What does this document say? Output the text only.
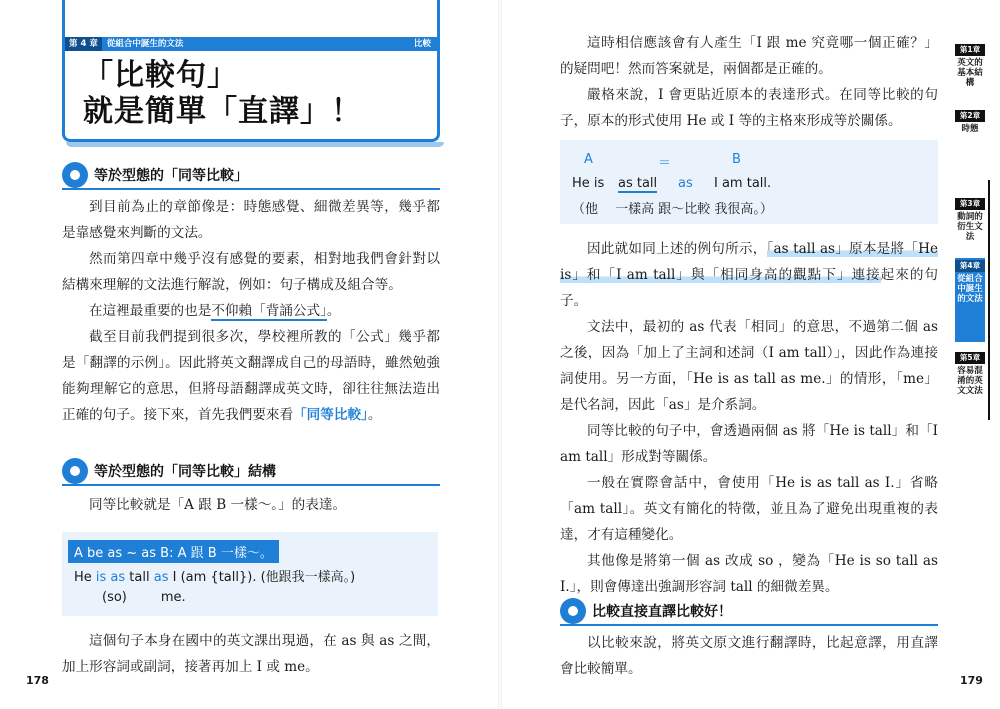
第 4 章 從組合中誕生的文法	比較
「比較句」
就是簡單「直譯」！
等於型態的「同等比較」
到目前為止的章節像是：時態感覺、細微差異等，幾乎都是靠感覺來判斷的文法。
然而第四章中幾乎沒有感覺的要素，相對地我們會針對以結構來理解的文法進行解說，例如：句子構成及組合等。
在這裡最重要的也是不仰賴「背誦公式」。
截至目前我們提到很多次，學校裡所教的「公式」幾乎都是「翻譯的示例」。因此將英文翻譯成自己的母語時，雖然勉強能夠理解它的意思，但將母語翻譯成英文時，卻往往無法造出正確的句子。接下來，首先我們要來看「同等比較」。
等於型態的「同等比較」結構
同等比較就是「A 跟 B 一樣～。」的表達。
A be as ~ as B: A 跟 B 一樣～。
He is as tall as I (am {tall}). (他跟我一樣高。)
(so)	me.
這個句子本身在國中的英文課出現過，在 as 與 as 之間，加上形容詞或副詞，接著再加上 I 或 me。
178
這時相信應該會有人產生「I 跟 me 究竟哪一個正確？」的疑問吧！然而答案就是，兩個都是正確的。
嚴格來說，I 會更貼近原本的表達形式。在同等比較的句子，原本的形式使用 He 或 I 等的主格來形成等於關係。
A	＝	B
He is as tall as I am tall.
（他　 一樣高 跟～比較 我很高。）
因此就如同上述的例句所示，「as tall as」原本是將「He is」和「I am tall」與「相同身高的觀點下」連接起來的句子。
文法中，最初的 as 代表「相同」的意思，不過第二個 as 之後，因為「加上了主詞和述詞（I am tall）」，因此作為連接詞使用。另一方面，「He is as tall as me.」的情形，「me」是代名詞，因此「as」是介系詞。
同等比較的句子中，會透過兩個 as 將「He is tall」和「I am tall」形成對等關係。
一般在實際會話中，會使用「He is as tall as I.」省略「am tall」。英文有簡化的特徵，並且為了避免出現重複的表達，才有這種變化。
其他像是將第一個 as 改成 so ，變為「He is so tall as I.」，則會傳達出強調形容詞 tall 的細微差異。
比較直接直譯比較好！
以比較來說，將英文原文進行翻譯時，比起意譯，用直譯會比較簡單。
179
第1章
英文的基本結構
第2章
時態
第3章
動詞的衍生文法
第4章
從組合中誕生的文法
第5章
容易混淆的英文文法
